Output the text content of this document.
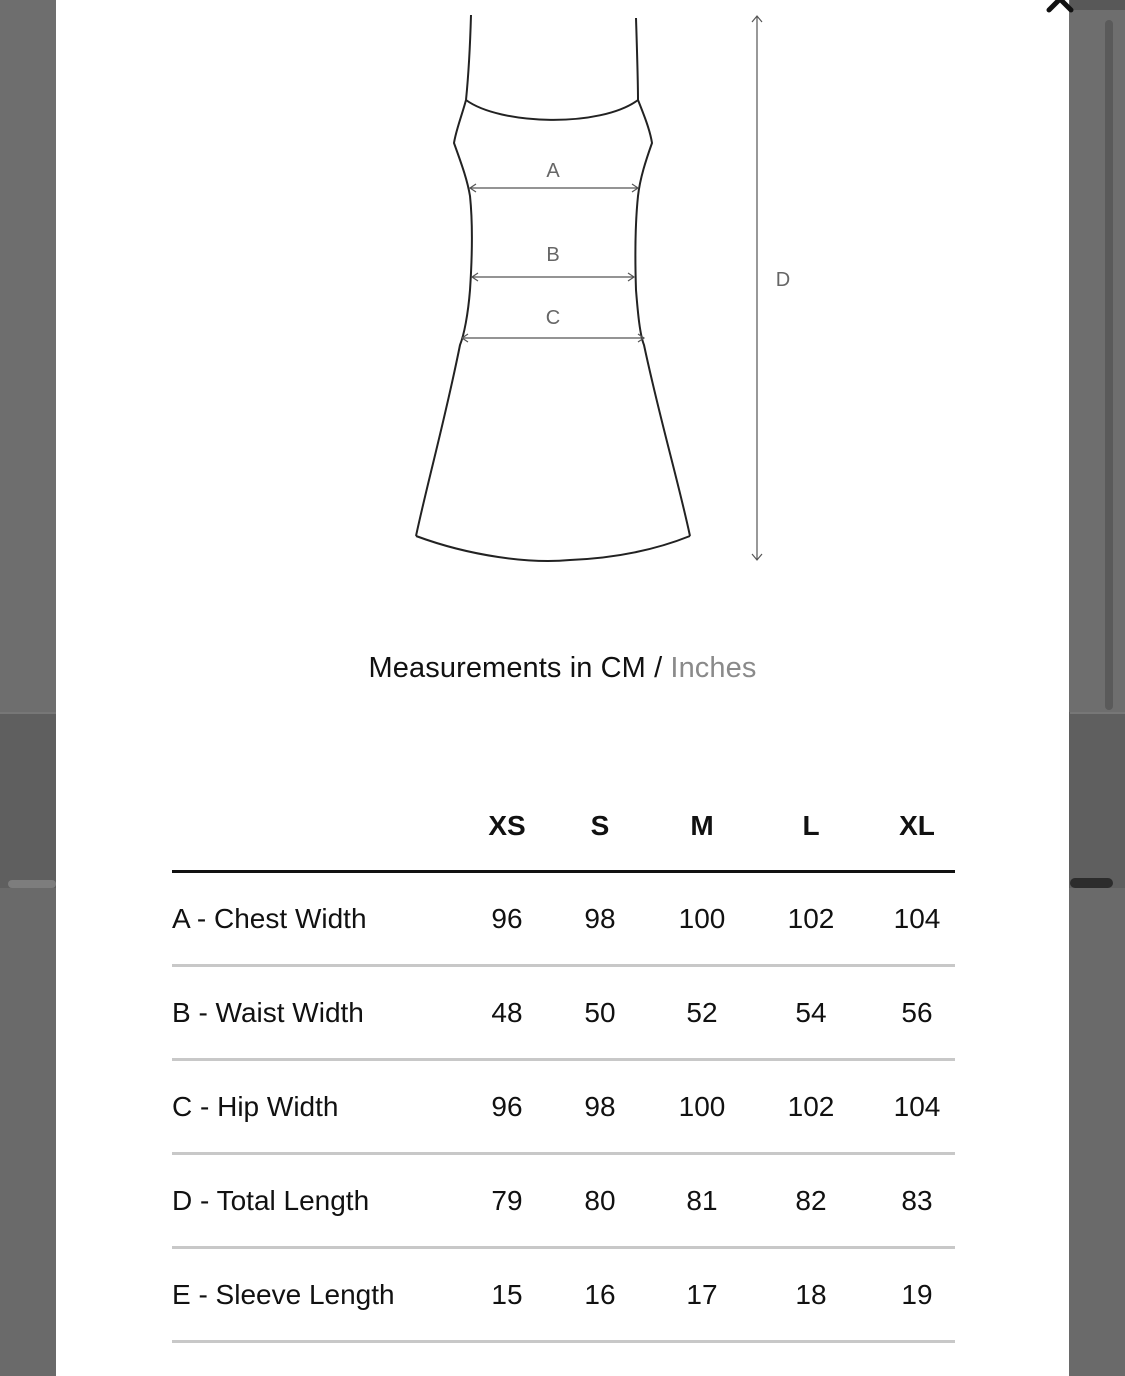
A
B
C
D
Measurements in CM / Inches
XS	S	M	L	XL
A - Chest Width	96	98	100	102	104
B - Waist Width	48	50	52	54	56
C - Hip Width	96	98	100	102	104
D - Total Length	79	80	81	82	83
E - Sleeve Length	15	16	17	18	19
